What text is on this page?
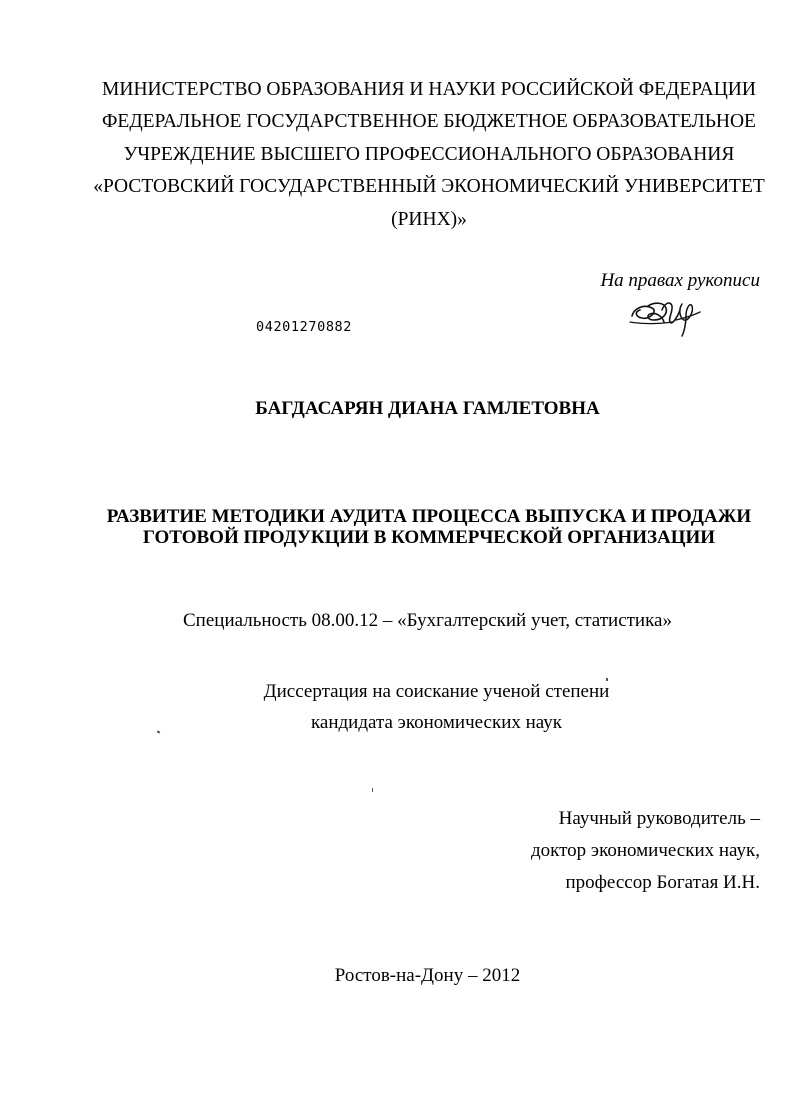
МИНИСТЕРСТВО ОБРАЗОВАНИЯ И НАУКИ РОССИЙСКОЙ ФЕДЕРАЦИИ
ФЕДЕРАЛЬНОЕ ГОСУДАРСТВЕННОЕ БЮДЖЕТНОЕ ОБРАЗОВАТЕЛЬНОЕ
УЧРЕЖДЕНИЕ ВЫСШЕГО ПРОФЕССИОНАЛЬНОГО ОБРАЗОВАНИЯ
«РОСТОВСКИЙ ГОСУДАРСТВЕННЫЙ ЭКОНОМИЧЕСКИЙ УНИВЕРСИТЕТ
(РИНХ)»
На правах рукописи
04201270882
БАГДАСАРЯН ДИАНА ГАМЛЕТОВНА
РАЗВИТИЕ МЕТОДИКИ АУДИТА ПРОЦЕССА ВЫПУСКА И ПРОДАЖИ
ГОТОВОЙ ПРОДУКЦИИ В КОММЕРЧЕСКОЙ ОРГАНИЗАЦИИ
Специальность 08.00.12 – «Бухгалтерский учет, статистика»
Диссертация на соискание ученой степени
кандидата экономических наук
Научный руководитель –
доктор экономических наук,
профессор Богатая И.Н.
Ростов-на-Дону – 2012
